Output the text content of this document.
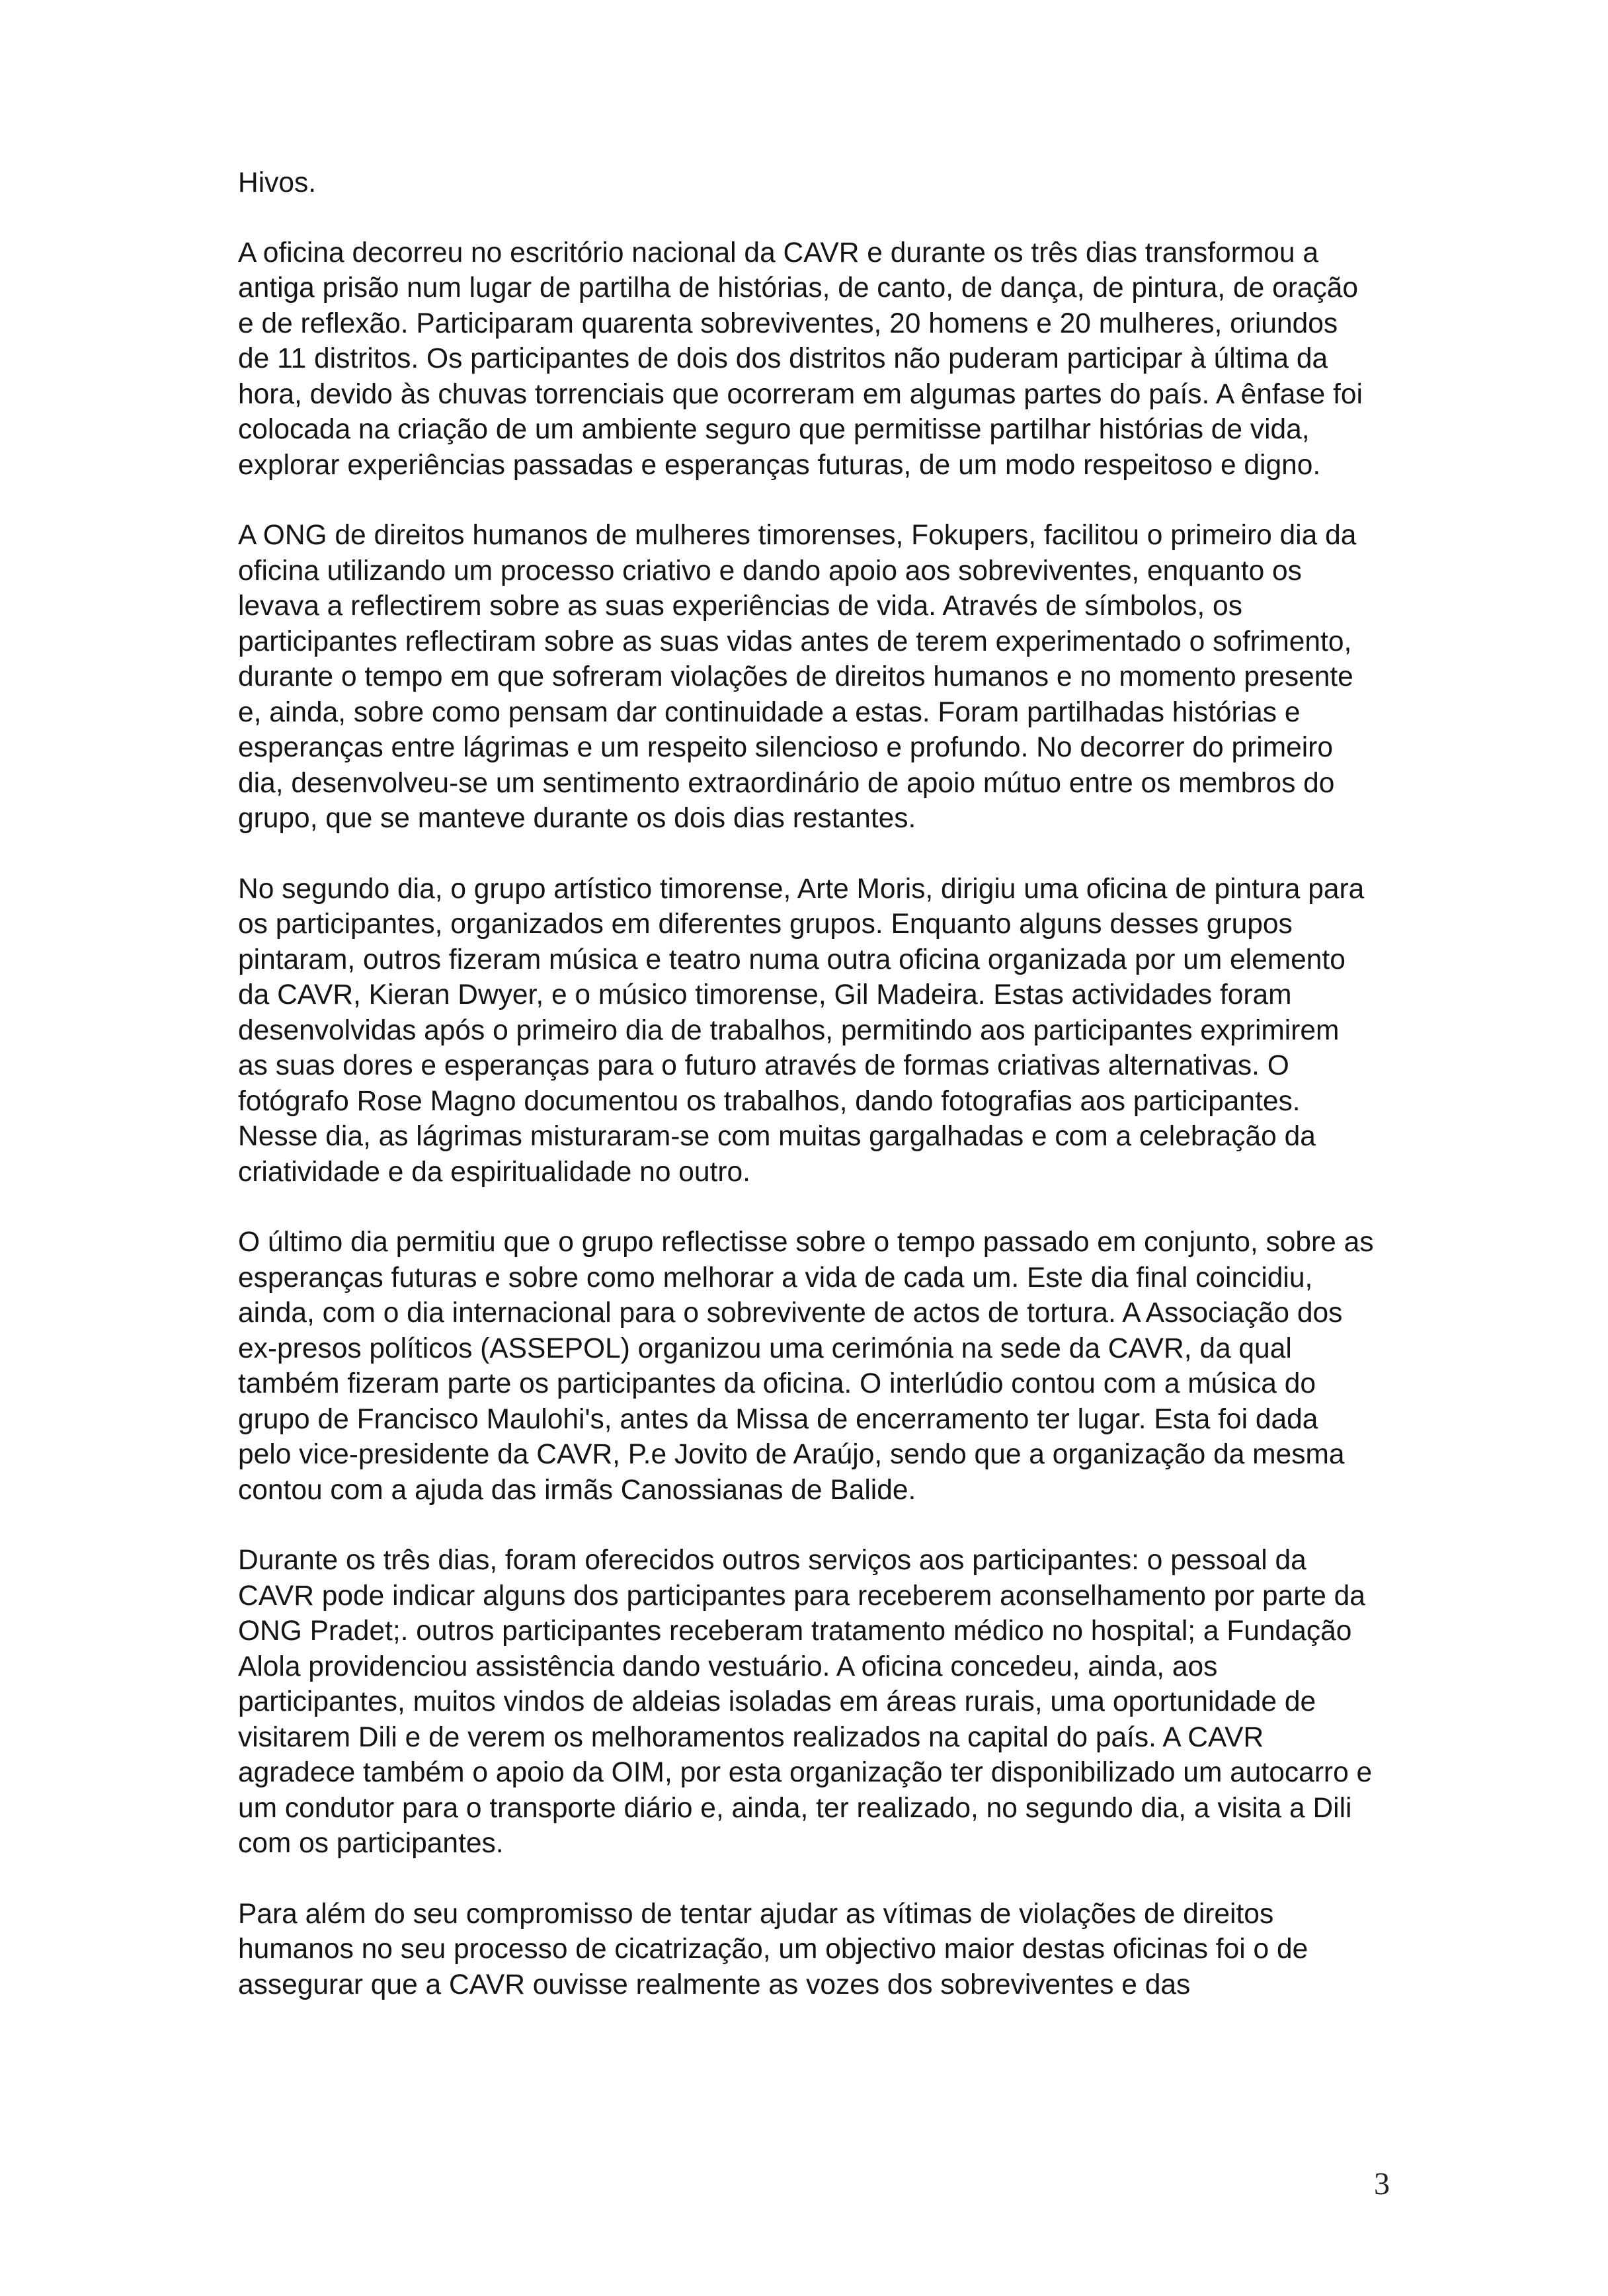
Hivos.

A oficina decorreu no escritório nacional da CAVR e durante os três dias transformou a antiga prisão num lugar de partilha de histórias, de canto, de dança, de pintura, de oração e de reflexão. Participaram quarenta sobreviventes, 20 homens e 20 mulheres, oriundos de 11 distritos. Os participantes de dois dos distritos não puderam participar à última da hora, devido às chuvas torrenciais que ocorreram em algumas partes do país. A ênfase foi colocada na criação de um ambiente seguro que permitisse partilhar histórias de vida, explorar experiências passadas e esperanças futuras, de um modo respeitoso e digno.

A ONG de direitos humanos de mulheres timorenses, Fokupers, facilitou o primeiro dia da oficina utilizando um processo criativo e dando apoio aos sobreviventes, enquanto os levava a reflectirem sobre as suas experiências de vida. Através de símbolos, os participantes reflectiram sobre as suas vidas antes de terem experimentado o sofrimento, durante o tempo em que sofreram violações de direitos humanos e no momento presente e, ainda, sobre como pensam dar continuidade a estas. Foram partilhadas histórias e esperanças entre lágrimas e um respeito silencioso e profundo. No decorrer do primeiro dia, desenvolveu-se um sentimento extraordinário de apoio mútuo entre os membros do grupo, que se manteve durante os dois dias restantes.

No segundo dia, o grupo artístico timorense, Arte Moris, dirigiu uma oficina de pintura para os participantes, organizados em diferentes grupos. Enquanto alguns desses grupos pintaram, outros fizeram música e teatro numa outra oficina organizada por um elemento da CAVR, Kieran Dwyer, e o músico timorense, Gil Madeira. Estas actividades foram desenvolvidas após o primeiro dia de trabalhos, permitindo aos participantes exprimirem as suas dores e esperanças para o futuro através de formas criativas alternativas. O fotógrafo Rose Magno documentou os trabalhos, dando fotografias aos participantes. Nesse dia, as lágrimas misturaram-se com muitas gargalhadas e com a celebração da criatividade e da espiritualidade no outro.

O último dia permitiu que o grupo reflectisse sobre o tempo passado em conjunto, sobre as esperanças futuras e sobre como melhorar a vida de cada um. Este dia final coincidiu, ainda, com o dia internacional para o sobrevivente de actos de tortura. A Associação dos ex-presos políticos (ASSEPOL) organizou uma cerimónia na sede da CAVR, da qual também fizeram parte os participantes da oficina. O interlúdio contou com a música do grupo de Francisco Maulohi's, antes da Missa de encerramento ter lugar. Esta foi dada pelo vice-presidente da CAVR, P.e Jovito de Araújo, sendo que a organização da mesma contou com a ajuda das irmãs Canossianas de Balide.

Durante os três dias, foram oferecidos outros serviços aos participantes: o pessoal da CAVR pode indicar alguns dos participantes para receberem aconselhamento por parte da ONG Pradet;. outros participantes receberam tratamento médico no hospital; a Fundação Alola providenciou assistência dando vestuário. A oficina concedeu, ainda, aos participantes, muitos vindos de aldeias isoladas em áreas rurais, uma oportunidade de visitarem Dili e de verem os melhoramentos realizados na capital do país. A CAVR agradece também o apoio da OIM, por esta organização ter disponibilizado um autocarro e um condutor para o transporte diário e, ainda, ter realizado, no segundo dia, a visita a Dili com os participantes.

Para além do seu compromisso de tentar ajudar as vítimas de violações de direitos humanos no seu processo de cicatrização, um objectivo maior destas oficinas foi o de assegurar que a CAVR ouvisse realmente as vozes dos sobreviventes e das

3
